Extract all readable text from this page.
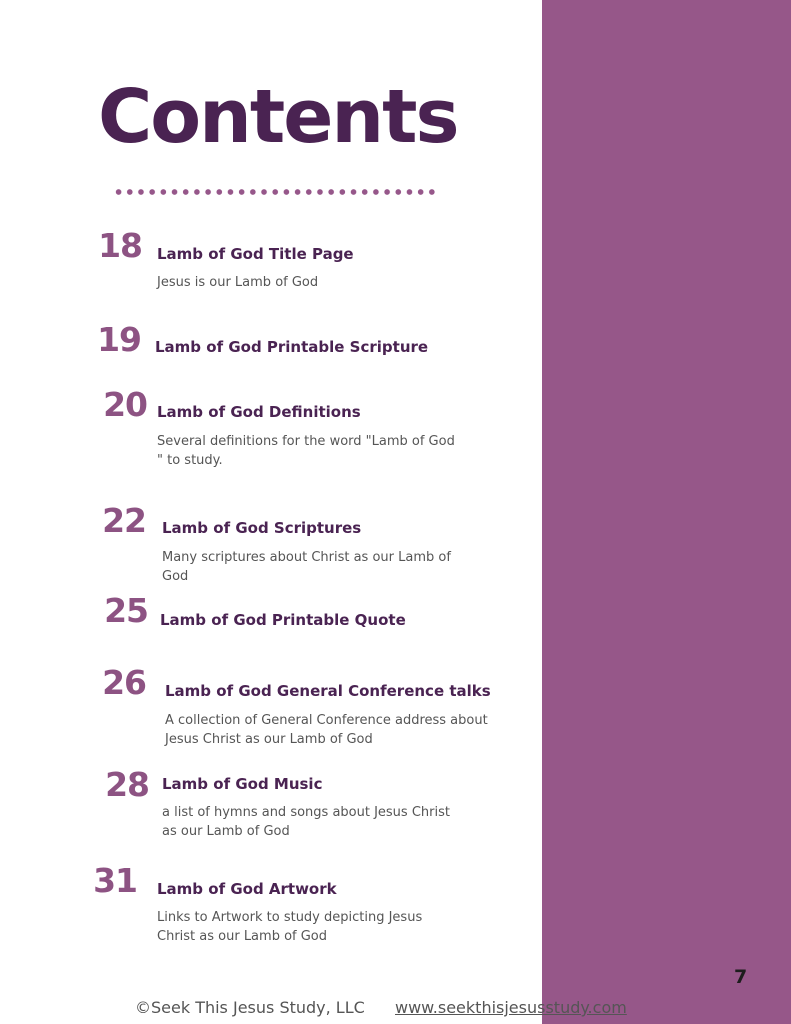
Contents
18 Lamb of God Title Page
Jesus is our Lamb of God
19 Lamb of God Printable Scripture
20 Lamb of God Definitions
Several definitions for the word "Lamb of God
" to study.
22 Lamb of God Scriptures
Many scriptures about Christ as our Lamb of
God
25 Lamb of God Printable Quote
26 Lamb of God General Conference talks
A collection of General Conference address about
Jesus Christ as our Lamb of God
28 Lamb of God Music
a list of hymns and songs about Jesus Christ
as our Lamb of God
31 Lamb of God Artwork
Links to Artwork to study depicting Jesus
Christ as our Lamb of God
7
©Seek This Jesus Study, LLC www.seekthisjesusstudy.com
